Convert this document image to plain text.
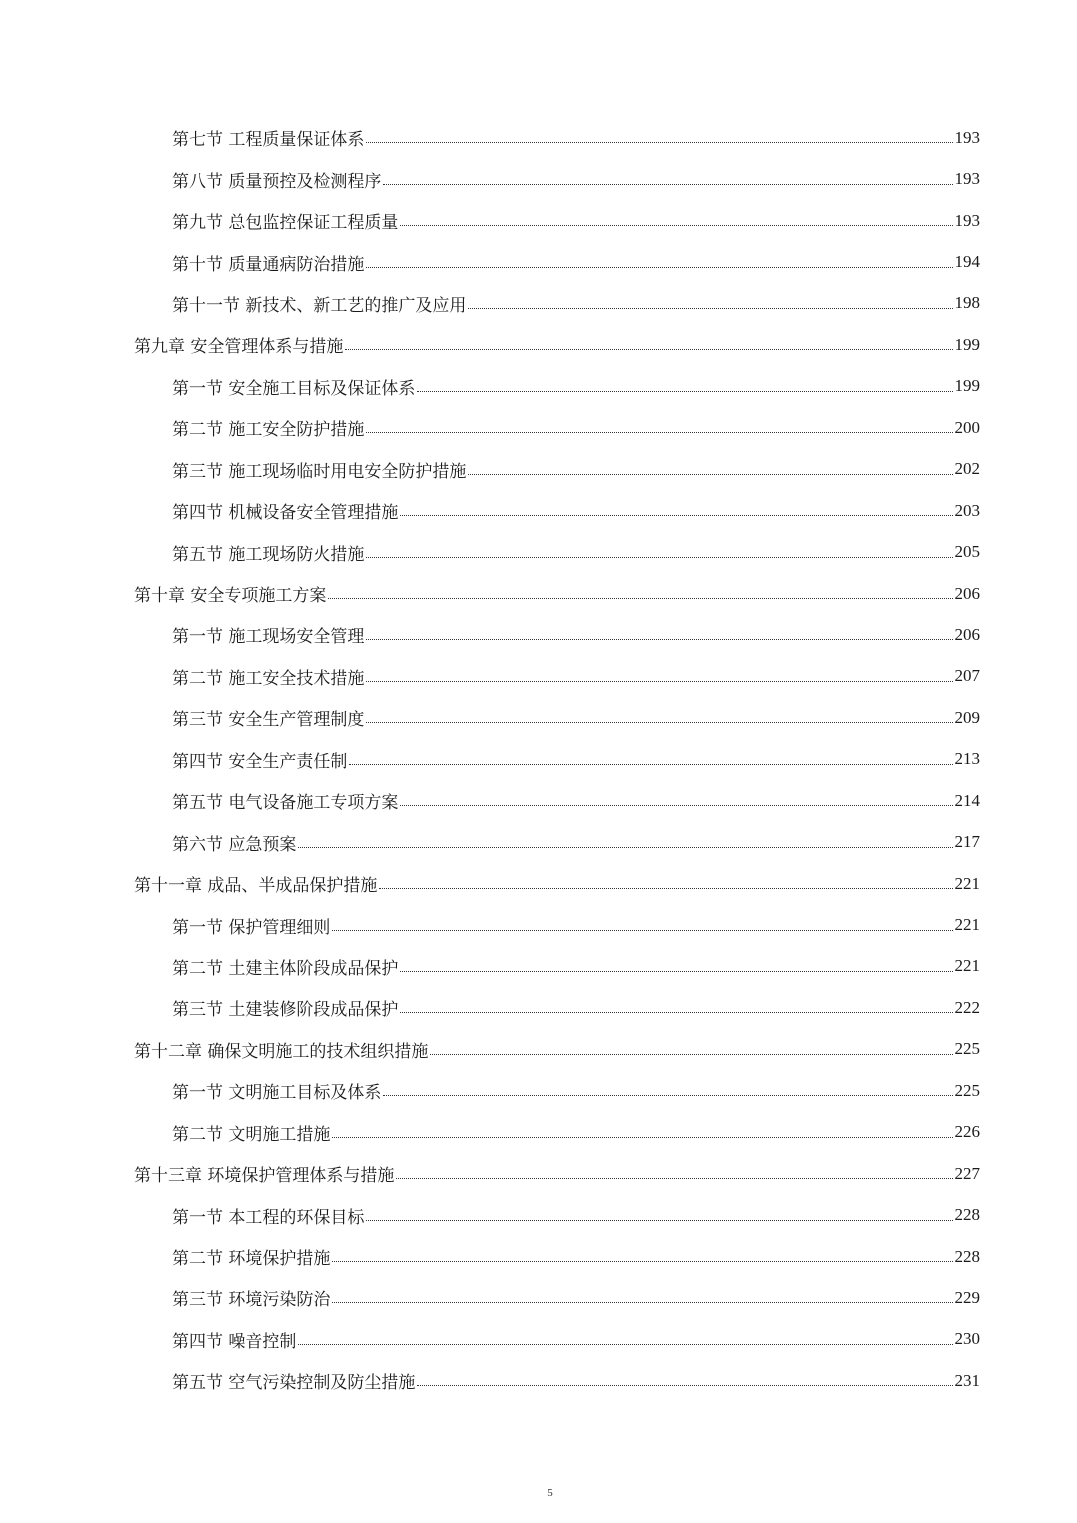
第七节 工程质量保证体系	193
第八节 质量预控及检测程序	193
第九节 总包监控保证工程质量	193
第十节 质量通病防治措施	194
第十一节 新技术、新工艺的推广及应用	198
第九章 安全管理体系与措施	199
第一节 安全施工目标及保证体系	199
第二节 施工安全防护措施	200
第三节 施工现场临时用电安全防护措施	202
第四节 机械设备安全管理措施	203
第五节 施工现场防火措施	205
第十章 安全专项施工方案	206
第一节 施工现场安全管理	206
第二节 施工安全技术措施	207
第三节 安全生产管理制度	209
第四节 安全生产责任制	213
第五节 电气设备施工专项方案	214
第六节 应急预案	217
第十一章 成品、半成品保护措施	221
第一节 保护管理细则	221
第二节 土建主体阶段成品保护	221
第三节 土建装修阶段成品保护	222
第十二章 确保文明施工的技术组织措施	225
第一节 文明施工目标及体系	225
第二节 文明施工措施	226
第十三章 环境保护管理体系与措施	227
第一节 本工程的环保目标	228
第二节 环境保护措施	228
第三节 环境污染防治	229
第四节 噪音控制	230
第五节 空气污染控制及防尘措施	231
5
